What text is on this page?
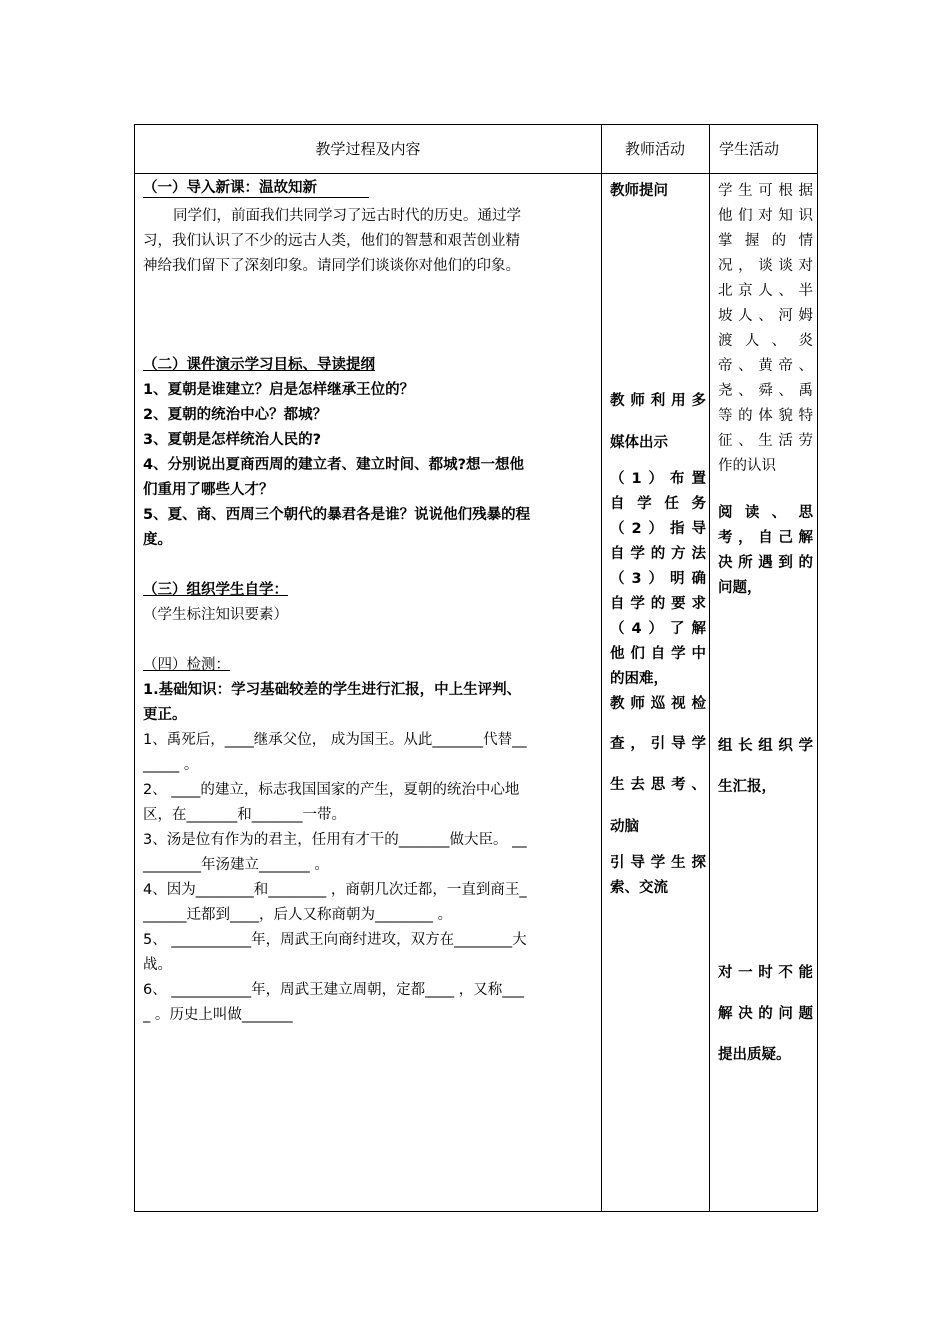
教学过程及内容	教师活动	学生活动
（一）导入新课：温故知新
同学们，前面我们共同学习了远古时代的历史。通过学
习，我们认识了不少的远古人类，他们的智慧和艰苦创业精
神给我们留下了深刻印象。请同学们谈谈你对他们的印象。
（二）课件演示学习目标、导读提纲
1、夏朝是谁建立？启是怎样继承王位的？
2、夏朝的统治中心？都城？
3、夏朝是怎样统治人民的?
4、分别说出夏商西周的建立者、建立时间、都城?想一想他
们重用了哪些人才？
5、夏、商、西周三个朝代的暴君各是谁？说说他们残暴的程
度。
（三）组织学生自学：
（学生标注知识要素）
（四）检测：
1.基础知识：学习基础较差的学生进行汇报，中上生评判、
更正。
1、禹死后，____继承父位， 成为国王。从此_______代替__
_____ 。
2、 ____的建立，标志我国国家的产生，夏朝的统治中心地
区，在_______和_______一带。
3、汤是位有作为的君主，任用有才干的_______做大臣。 __
________年汤建立_______ 。
4、因为________和________ ，商朝几次迁都，一直到商王_
______迁都到____，后人又称商朝为________ 。
5、 ___________年，周武王向商纣进攻，双方在________大
战。
6、 ___________年，周武王建立周朝，定都____ ，又称___
_ 。历史上叫做_______
教师提问
教师利用多
媒体出示
（1）布置
自学任务
（2）指导
自学的方法
（3）明确
自学的要求
（4）了解
他们自学中
的困难，
教师巡视检
查，引导学
生去思考、
动脑
引导学生探
索、交流
学生可根据
他们对知识
掌握的情
况，谈谈对
北京人、半
坡人、河姆
渡人、炎
帝、黄帝、
尧、舜、禹
等的体貌特
征、生活劳
作的认识
阅读、思
考，自己解
决所遇到的
问题，
组长组织学
生汇报，
对一时不能
解决的问题
提出质疑。
